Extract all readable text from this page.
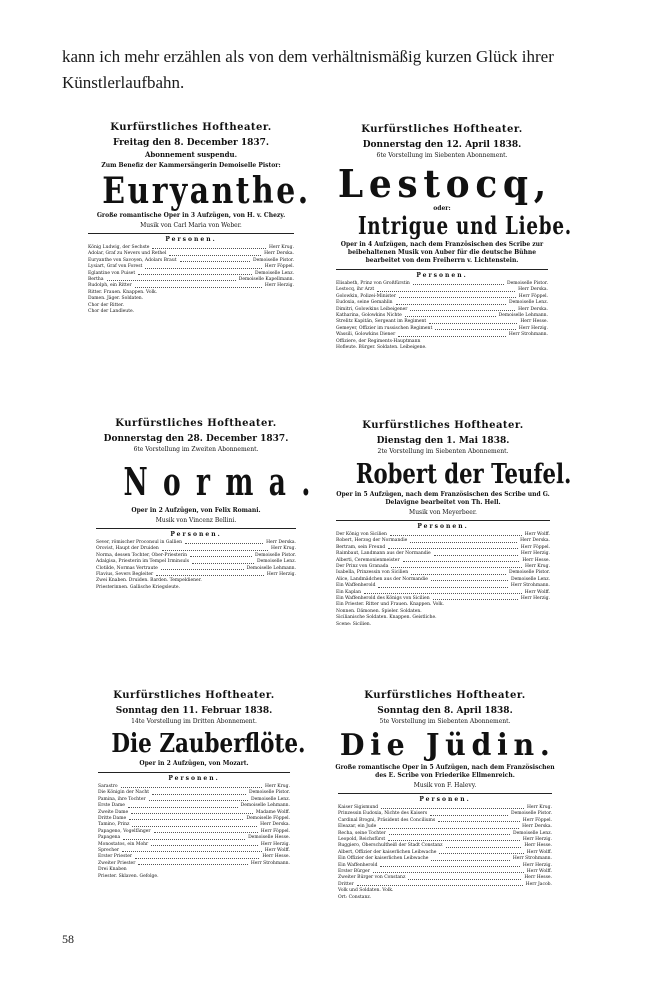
kann ich mehr erzählen als von dem verhältnismäßig kurzen Glück ihrer Künstlerlaufbahn.

Kurfürstliches Hoftheater.
Freitag den 8. December 1837.
Abonnement suspendu.
Zum Benefiz der Kammersängerin Demoiselle Pistor:
Euryanthe.
Große romantische Oper in 3 Aufzügen, von H. v. Chezy.
Musik von Carl Maria von Weber.
Personen.
König Ludwig, der Sechste	Herr Krug.
Adolar, Graf zu Nevers und Rethel	Herr Derska.
Euryanthe von Savoyen, Adolars Braut	Demoiselle Pistor.
Lysiart, Graf von Forest	Herr Föppel.
Eglantine von Puiset	Demoiselle Lenz.
Bertha	Demoiselle Kapellmann.
Rudolph, ein Ritter	Herr Herzig.
Ritter. Frauen. Knappen. Volk.
Damen. Jäger. Soldaten.
Chor der Ritter.
Chor der Landleute.
Kurfürstliches Hoftheater.
Donnerstag den 12. April 1838.
6te Vorstellung im Siebenten Abonnement.
Lestocq,
oder:
Intrigue und Liebe.
Oper in 4 Aufzügen, nach dem Französischen des Scribe zur beibehaltenen Musik von Auber für die deutsche Bühne bearbeitet von dem Freiherrn v. Lichtenstein.
Personen.
Elisabeth, Prinz von Großfürstin	Demoiselle Pistor.
Lestocq, ihr Arzt	Herr Derska.
Golowkin, Polizei-Minister	Herr Föppel.
Eudoxia, seine Gemahlin	Demoiselle Lenz.
Dimitri, Golowkins Leibeigener	Herr Derska.
Katharina, Golowkins Nichte	Demoiselle Lehmann.
Strelitz Kapitän, Sergeant im Regiment	Herr Hesse.
Gemeyer, Offizier im russischen Regiment	Herr Herzig.
Wassili, Golowkins Diener	Herr Strohmann.
Offiziere, der Regiments-Hauptmann
Hofleute. Bürger. Soldaten. Leibeigene.
Kurfürstliches Hoftheater.
Donnerstag den 28. December 1837.
6te Vorstellung im Zweiten Abonnement.
Norma.
Oper in 2 Aufzügen, von Felix Romani.
Musik von Vincenz Bellini.
Personen.
Sever, römischer Proconsul in Gallien	Herr Derska.
Orovist, Haupt der Druiden	Herr Krug.
Norma, dessen Tochter, Ober-Priesterin	Demoiselle Pistor.
Adalgisa, Priesterin im Tempel Irminsuls	Demoiselle Lenz.
Clotilde, Normas Vertraute	Demoiselle Lehmann.
Flavius, Severs Begleiter	Herr Herzig.
Zwei Knaben. Druiden. Barden. Tempeldiener.
Priesterinnen. Gallische Kriegsleute.
Kurfürstliches Hoftheater.
Dienstag den 1. Mai 1838.
2te Vorstellung im Siebenten Abonnement.
Robert der Teufel.
Oper in 5 Aufzügen, nach dem Französischen des Scribe und G. Delavigne bearbeitet von Th. Hell.
Musik von Meyerbeer.
Personen.
Der König von Sicilien	Herr Wolff.
Robert, Herzog der Normandie	Herr Derska.
Bertram, sein Freund	Herr Föppel.
Raimbaut, Landmann aus der Normandie	Herr Herzig.
Alberti, Ceremonienmeister	Herr Hesse.
Der Prinz von Granada	Herr Krug.
Isabella, Prinzessin von Sicilien	Demoiselle Pistor.
Alice, Landmädchen aus der Normandie	Demoiselle Lenz.
Ein Waffenherold	Herr Strohmann.
Ein Kaplan	Herr Wolff.
Ein Waffenherold des Königs von Sicilien	Herr Herzig.
Ein Priester. Ritter und Frauen. Knappen. Volk.
Nonnen. Dämonen. Spieler. Soldaten.
Sicilianische Soldaten. Knappen. Geistliche.
Scene: Sicilien.
Kurfürstliches Hoftheater.
Sonntag den 11. Februar 1838.
14te Vorstellung im Dritten Abonnement.
Die Zauberflöte.
Oper in 2 Aufzügen, von Mozart.
Personen.
Sarastro	Herr Krug.
Die Königin der Nacht	Demoiselle Pistor.
Pamina, ihre Tochter	Demoiselle Lenz.
Erste Dame	Demoiselle Lehmann.
Zweite Dame	Madame Wolff.
Dritte Dame	Demoiselle Föppel.
Tamino, Prinz	Herr Derska.
Papageno, Vogelfänger	Herr Föppel.
Papagena	Demoiselle Hesse.
Monostatos, ein Mohr	Herr Herzig.
Sprecher	Herr Wolff.
Erster Priester	Herr Hesse.
Zweiter Priester	Herr Strohmann.
Drei Knaben
Priester. Sklaven. Gefolge.
Kurfürstliches Hoftheater.
Sonntag den 8. April 1838.
5te Vorstellung im Siebenten Abonnement.
Die Jüdin.
Große romantische Oper in 5 Aufzügen, nach dem Französischen des E. Scribe von Friederike Ellmenreich.
Musik von F. Halevy.
Personen.
Kaiser Sigismund	Herr Krug.
Prinzessin Eudoxia, Nichte des Kaisers	Demoiselle Pistor.
Cardinal Brogni, Präsident des Conciliums	Herr Föppel.
Eleazar, ein Jude	Herr Derska.
Recha, seine Tochter	Demoiselle Lenz.
Leopold, Reichsfürst	Herr Herzig.
Ruggiero, Oberschultheiß der Stadt Constanz	Herr Hesse.
Albert, Offizier der kaiserlichen Leibwache	Herr Wolff.
Ein Offizier der kaiserlichen Leibwache	Herr Strohmann.
Ein Waffenherold	Herr Herzig.
Erster Bürger	Herr Wolff.
Zweiter Bürger von Constanz	Herr Hesse.
Dritter	Herr Jacob.
Volk und Soldaten. Volk.
Ort: Constanz.
58
